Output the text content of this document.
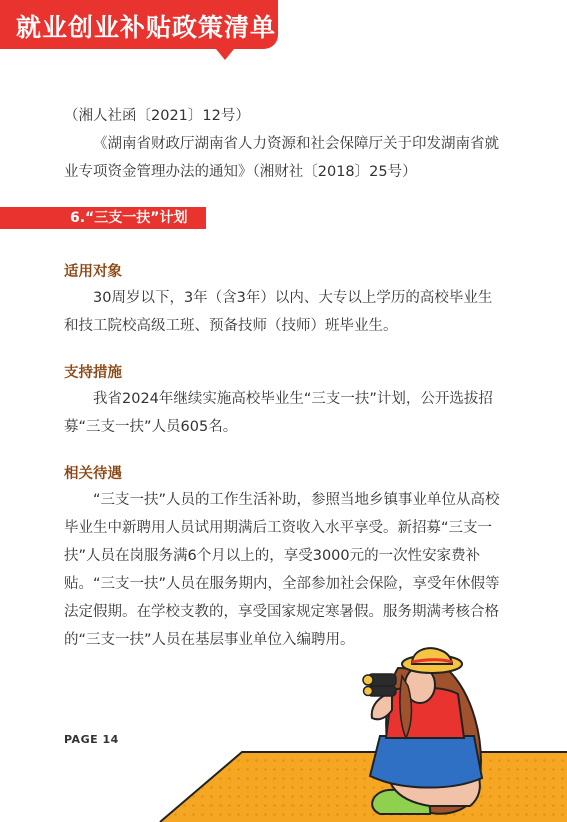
就业创业补贴政策清单
（湘人社函〔2021〕12号）
《湖南省财政厅湖南省人力资源和社会保障厅关于印发湖南省就业专项资金管理办法的通知》（湘财社〔2018〕25号）
6.“三支一扶”计划
适用对象
30周岁以下，3年（含3年）以内、大专以上学历的高校毕业生和技工院校高级工班、预备技师（技师）班毕业生。
支持措施
我省2024年继续实施高校毕业生“三支一扶”计划，公开选拔招募“三支一扶”人员605名。
相关待遇
“三支一扶”人员的工作生活补助，参照当地乡镇事业单位从高校毕业生中新聘用人员试用期满后工资收入水平享受。新招募“三支一扶”人员在岗服务满6个月以上的，享受3000元的一次性安家费补贴。“三支一扶”人员在服务期内，全部参加社会保险，享受年休假等法定假期。在学校支教的，享受国家规定寒暑假。服务期满考核合格的“三支一扶”人员在基层事业单位入编聘用。
PAGE 14
